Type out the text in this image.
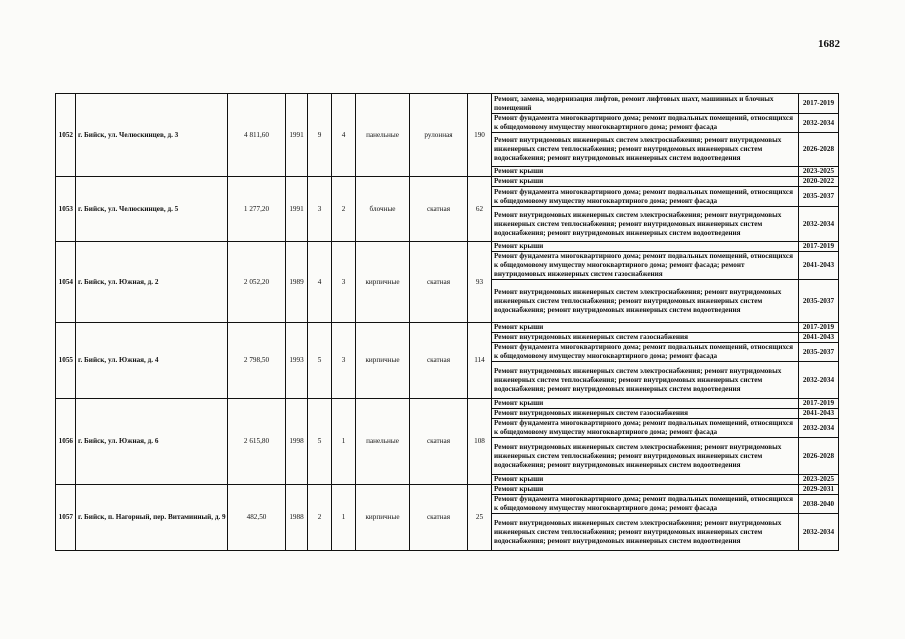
1682
1052	г. Бийск, ул. Челюскинцев, д. 3	4 811,60	1991	9	4	панельные	рулонная	190	Ремонт, замена, модернизация лифтов, ремонт лифтовых шахт, машинных и блочных помещений	2017-2019
									Ремонт фундамента многоквартирного дома; ремонт подвальных помещений, относящихся к общедомовому имуществу многоквартирного дома; ремонт фасада	2032-2034
									Ремонт внутридомовых инженерных систем электроснабжения; ремонт внутридомовых инженерных систем теплоснабжения; ремонт внутридомовых инженерных систем водоснабжения; ремонт внутридомовых инженерных систем водоотведения	2026-2028
									Ремонт крыши	2023-2025
1053	г. Бийск, ул. Челюскинцев, д. 5	1 277,20	1991	3	2	блочные	скатная	62	Ремонт крыши	2020-2022
									Ремонт фундамента многоквартирного дома; ремонт подвальных помещений, относящихся к общедомовому имуществу многоквартирного дома; ремонт фасада	2035-2037
									Ремонт внутридомовых инженерных систем электроснабжения; ремонт внутридомовых инженерных систем теплоснабжения; ремонт внутридомовых инженерных систем водоснабжения; ремонт внутридомовых инженерных систем водоотведения	2032-2034
1054	г. Бийск, ул. Южная, д. 2	2 052,20	1989	4	3	кирпичные	скатная	93	Ремонт крыши	2017-2019
									Ремонт фундамента многоквартирного дома; ремонт подвальных помещений, относящихся к общедомовому имуществу многоквартирного дома; ремонт фасада; ремонт внутридомовых инженерных систем газоснабжения	2041-2043
									Ремонт внутридомовых инженерных систем электроснабжения; ремонт внутридомовых инженерных систем теплоснабжения; ремонт внутридомовых инженерных систем водоснабжения; ремонт внутридомовых инженерных систем водоотведения	2035-2037
1055	г. Бийск, ул. Южная, д. 4	2 798,50	1993	5	3	кирпичные	скатная	114	Ремонт крыши	2017-2019
									Ремонт внутридомовых инженерных систем газоснабжения	2041-2043
									Ремонт фундамента многоквартирного дома; ремонт подвальных помещений, относящихся к общедомовому имуществу многоквартирного дома; ремонт фасада	2035-2037
									Ремонт внутридомовых инженерных систем электроснабжения; ремонт внутридомовых инженерных систем теплоснабжения; ремонт внутридомовых инженерных систем водоснабжения; ремонт внутридомовых инженерных систем водоотведения	2032-2034
1056	г. Бийск, ул. Южная, д. 6	2 615,80	1998	5	1	панельные	скатная	108	Ремонт крыши	2017-2019
									Ремонт внутридомовых инженерных систем газоснабжения	2041-2043
									Ремонт фундамента многоквартирного дома; ремонт подвальных помещений, относящихся к общедомовому имуществу многоквартирного дома; ремонт фасада	2032-2034
									Ремонт внутридомовых инженерных систем электроснабжения; ремонт внутридомовых инженерных систем теплоснабжения; ремонт внутридомовых инженерных систем водоснабжения; ремонт внутридомовых инженерных систем водоотведения	2026-2028
									Ремонт крыши	2023-2025
1057	г. Бийск, п. Нагорный, пер. Витаминный, д. 9	482,50	1988	2	1	кирпичные	скатная	25	Ремонт крыши	2029-2031
									Ремонт фундамента многоквартирного дома; ремонт подвальных помещений, относящихся к общедомовому имуществу многоквартирного дома; ремонт фасада	2038-2040
									Ремонт внутридомовых инженерных систем электроснабжения; ремонт внутридомовых инженерных систем теплоснабжения; ремонт внутридомовых инженерных систем водоснабжения; ремонт внутридомовых инженерных систем водоотведения	2032-2034
